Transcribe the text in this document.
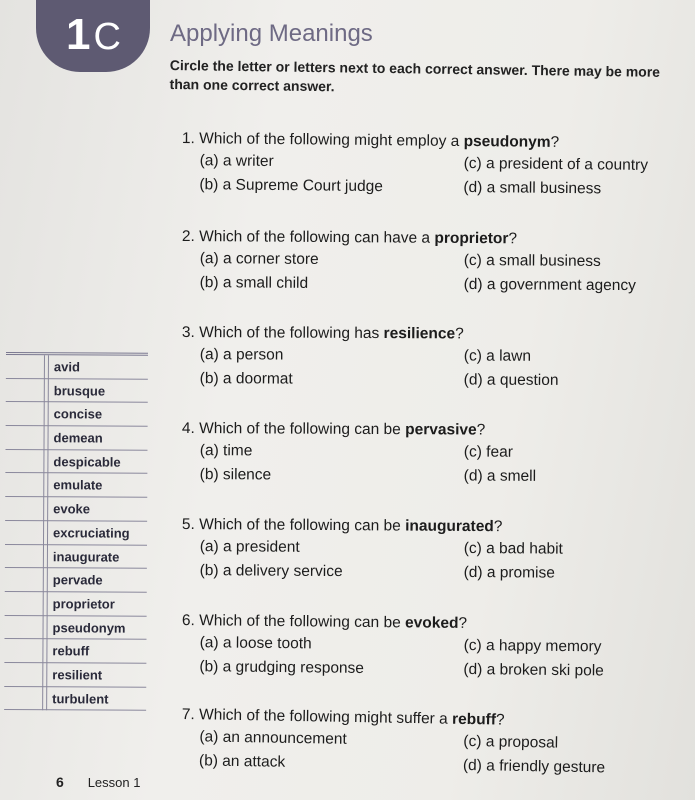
1 C Applying Meanings
Circle the letter or letters next to each correct answer. There may be more than one correct answer.
1. Which of the following might employ a pseudonym?
(a) a writer
(b) a Supreme Court judge
(c) a president of a country
(d) a small business
2. Which of the following can have a proprietor?
(a) a corner store
(b) a small child
(c) a small business
(d) a government agency
3. Which of the following has resilience?
(a) a person
(b) a doormat
(c) a lawn
(d) a question
4. Which of the following can be pervasive?
(a) time
(b) silence
(c) fear
(d) a smell
5. Which of the following can be inaugurated?
(a) a president
(b) a delivery service
(c) a bad habit
(d) a promise
6. Which of the following can be evoked?
(a) a loose tooth
(b) a grudging response
(c) a happy memory
(d) a broken ski pole
7. Which of the following might suffer a rebuff?
(a) an announcement
(b) an attack
(c) a proposal
(d) a friendly gesture
avid
brusque
concise
demean
despicable
emulate
evoke
excruciating
inaugurate
pervade
proprietor
pseudonym
rebuff
resilient
turbulent
6 Lesson 1
